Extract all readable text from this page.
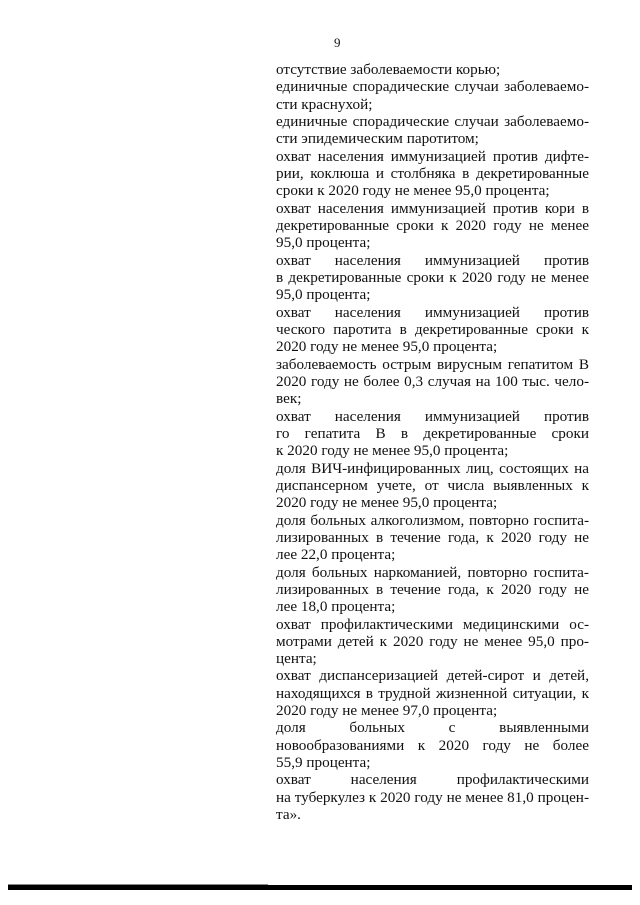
9
отсутствие заболеваемости корью;
единичные спорадические случаи заболеваемо-
сти краснухой;
единичные спорадические случаи заболеваемо-
сти эпидемическим паротитом;
охват населения иммунизацией против дифте-
рии, коклюша и столбняка в декретированные
сроки к 2020 году не менее 95,0 процента;
охват населения иммунизацией против кори в
декретированные сроки к 2020 году не менее
95,0 процента;
охват населения иммунизацией против
в декретированные сроки к 2020 году не менее
95,0 процента;
охват населения иммунизацией против
ческого паротита в декретированные сроки к
2020 году не менее 95,0 процента;
заболеваемость острым вирусным гепатитом В
2020 году не более 0,3 случая на 100 тыс. чело-
век;
охват населения иммунизацией против
го гепатита В в декретированные сроки
к 2020 году не менее 95,0 процента;
доля ВИЧ-инфицированных лиц, состоящих на
диспансерном учете, от числа выявленных к
2020 году не менее 95,0 процента;
доля больных алкоголизмом, повторно госпита-
лизированных в течение года, к 2020 году не
лее 22,0 процента;
доля больных наркоманией, повторно госпита-
лизированных в течение года, к 2020 году не
лее 18,0 процента;
охват профилактическими медицинскими ос-
мотрами детей к 2020 году не менее 95,0 про-
цента;
охват диспансеризацией детей-сирот и детей,
находящихся в трудной жизненной ситуации, к
2020 году не менее 97,0 процента;
доля больных с выявленными
новообразованиями к 2020 году не более
55,9 процента;
охват населения профилактическими
на туберкулез к 2020 году не менее 81,0 процен-
та».
